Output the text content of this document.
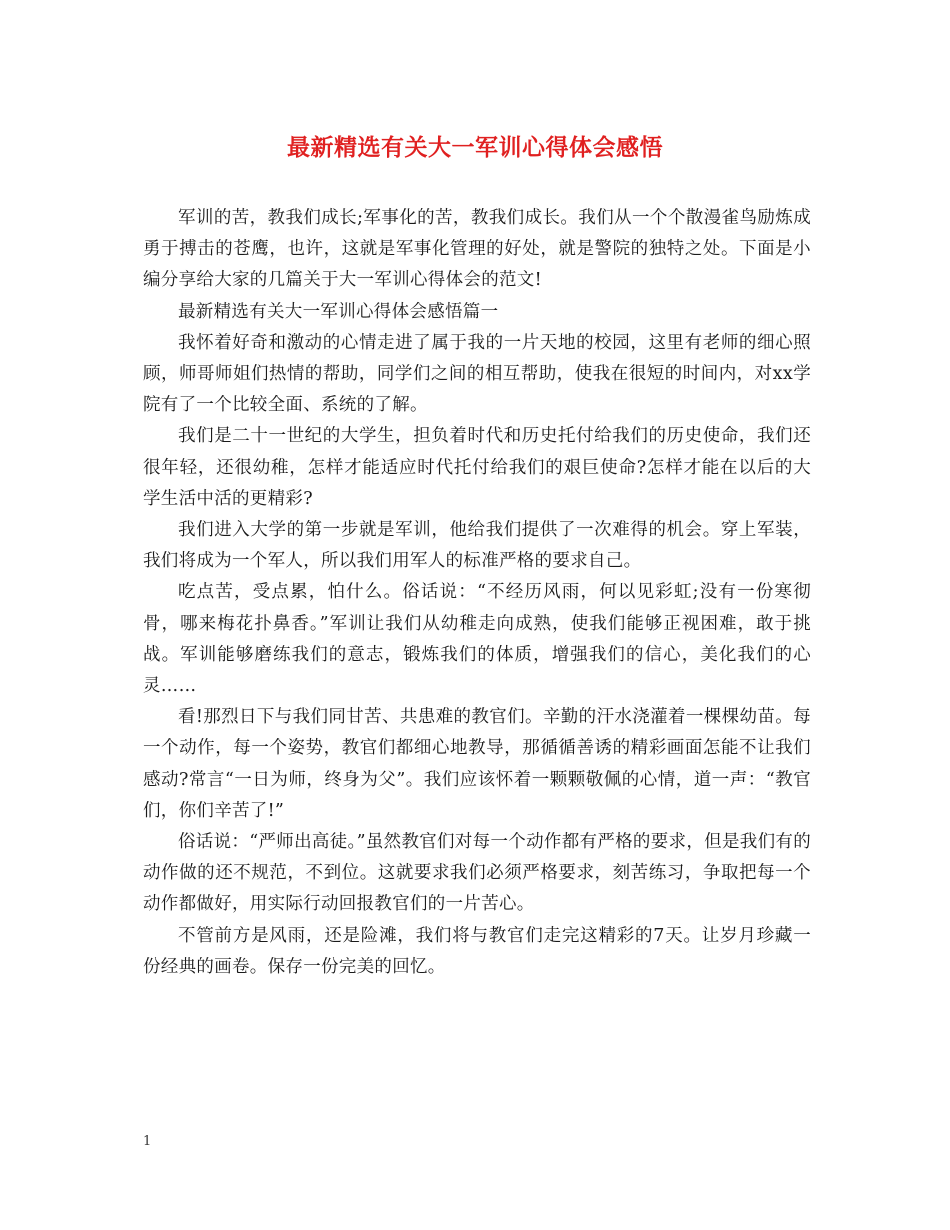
最新精选有关大一军训心得体会感悟

军训的苦，教我们成长;军事化的苦，教我们成长。我们从一个个散漫雀鸟励炼成勇于搏击的苍鹰，也许，这就是军事化管理的好处，就是警院的独特之处。下面是小编分享给大家的几篇关于大一军训心得体会的范文!

最新精选有关大一军训心得体会感悟篇一

我怀着好奇和激动的心情走进了属于我的一片天地的校园，这里有老师的细心照顾，师哥师姐们热情的帮助，同学们之间的相互帮助，使我在很短的时间内，对xx学院有了一个比较全面、系统的了解。

我们是二十一世纪的大学生，担负着时代和历史托付给我们的历史使命，我们还很年轻，还很幼稚，怎样才能适应时代托付给我们的艰巨使命?怎样才能在以后的大学生活中活的更精彩?

我们进入大学的第一步就是军训，他给我们提供了一次难得的机会。穿上军装，我们将成为一个军人，所以我们用军人的标准严格的要求自己。

吃点苦，受点累，怕什么。俗话说：“不经历风雨，何以见彩虹;没有一份寒彻骨，哪来梅花扑鼻香。”军训让我们从幼稚走向成熟，使我们能够正视困难，敢于挑战。军训能够磨练我们的意志，锻炼我们的体质，增强我们的信心，美化我们的心灵……

看!那烈日下与我们同甘苦、共患难的教官们。辛勤的汗水浇灌着一棵棵幼苗。每一个动作，每一个姿势，教官们都细心地教导，那循循善诱的精彩画面怎能不让我们感动?常言“一日为师，终身为父”。我们应该怀着一颗颗敬佩的心情，道一声：“教官们，你们辛苦了!”

俗话说：“严师出高徒。”虽然教官们对每一个动作都有严格的要求，但是我们有的动作做的还不规范，不到位。这就要求我们必须严格要求，刻苦练习，争取把每一个动作都做好，用实际行动回报教官们的一片苦心。

不管前方是风雨，还是险滩，我们将与教官们走完这精彩的7天。让岁月珍藏一份经典的画卷。保存一份完美的回忆。

1
